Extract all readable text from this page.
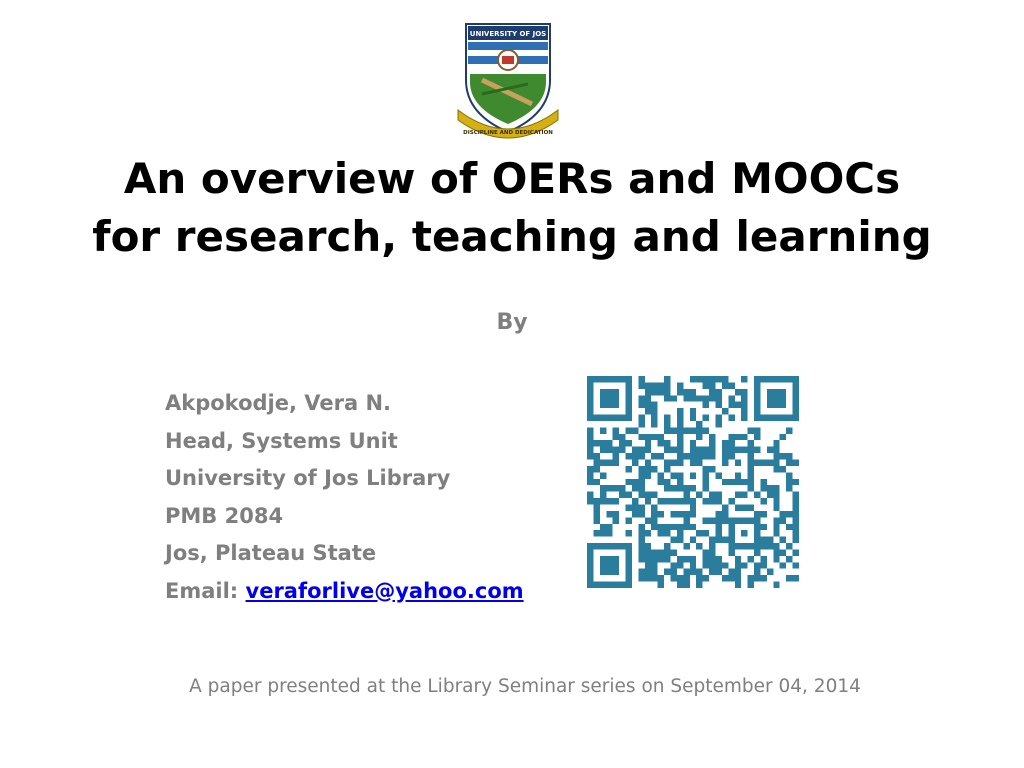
UNIVERSITY OF JOS
DISCIPLINE AND DEDICATION
An overview of OERs and MOOCs
for research, teaching and learning
By
Akpokodje, Vera N.
Head, Systems Unit
University of Jos Library
PMB 2084
Jos, Plateau State
Email: veraforlive@yahoo.com
A paper presented at the Library Seminar series on September 04, 2014
